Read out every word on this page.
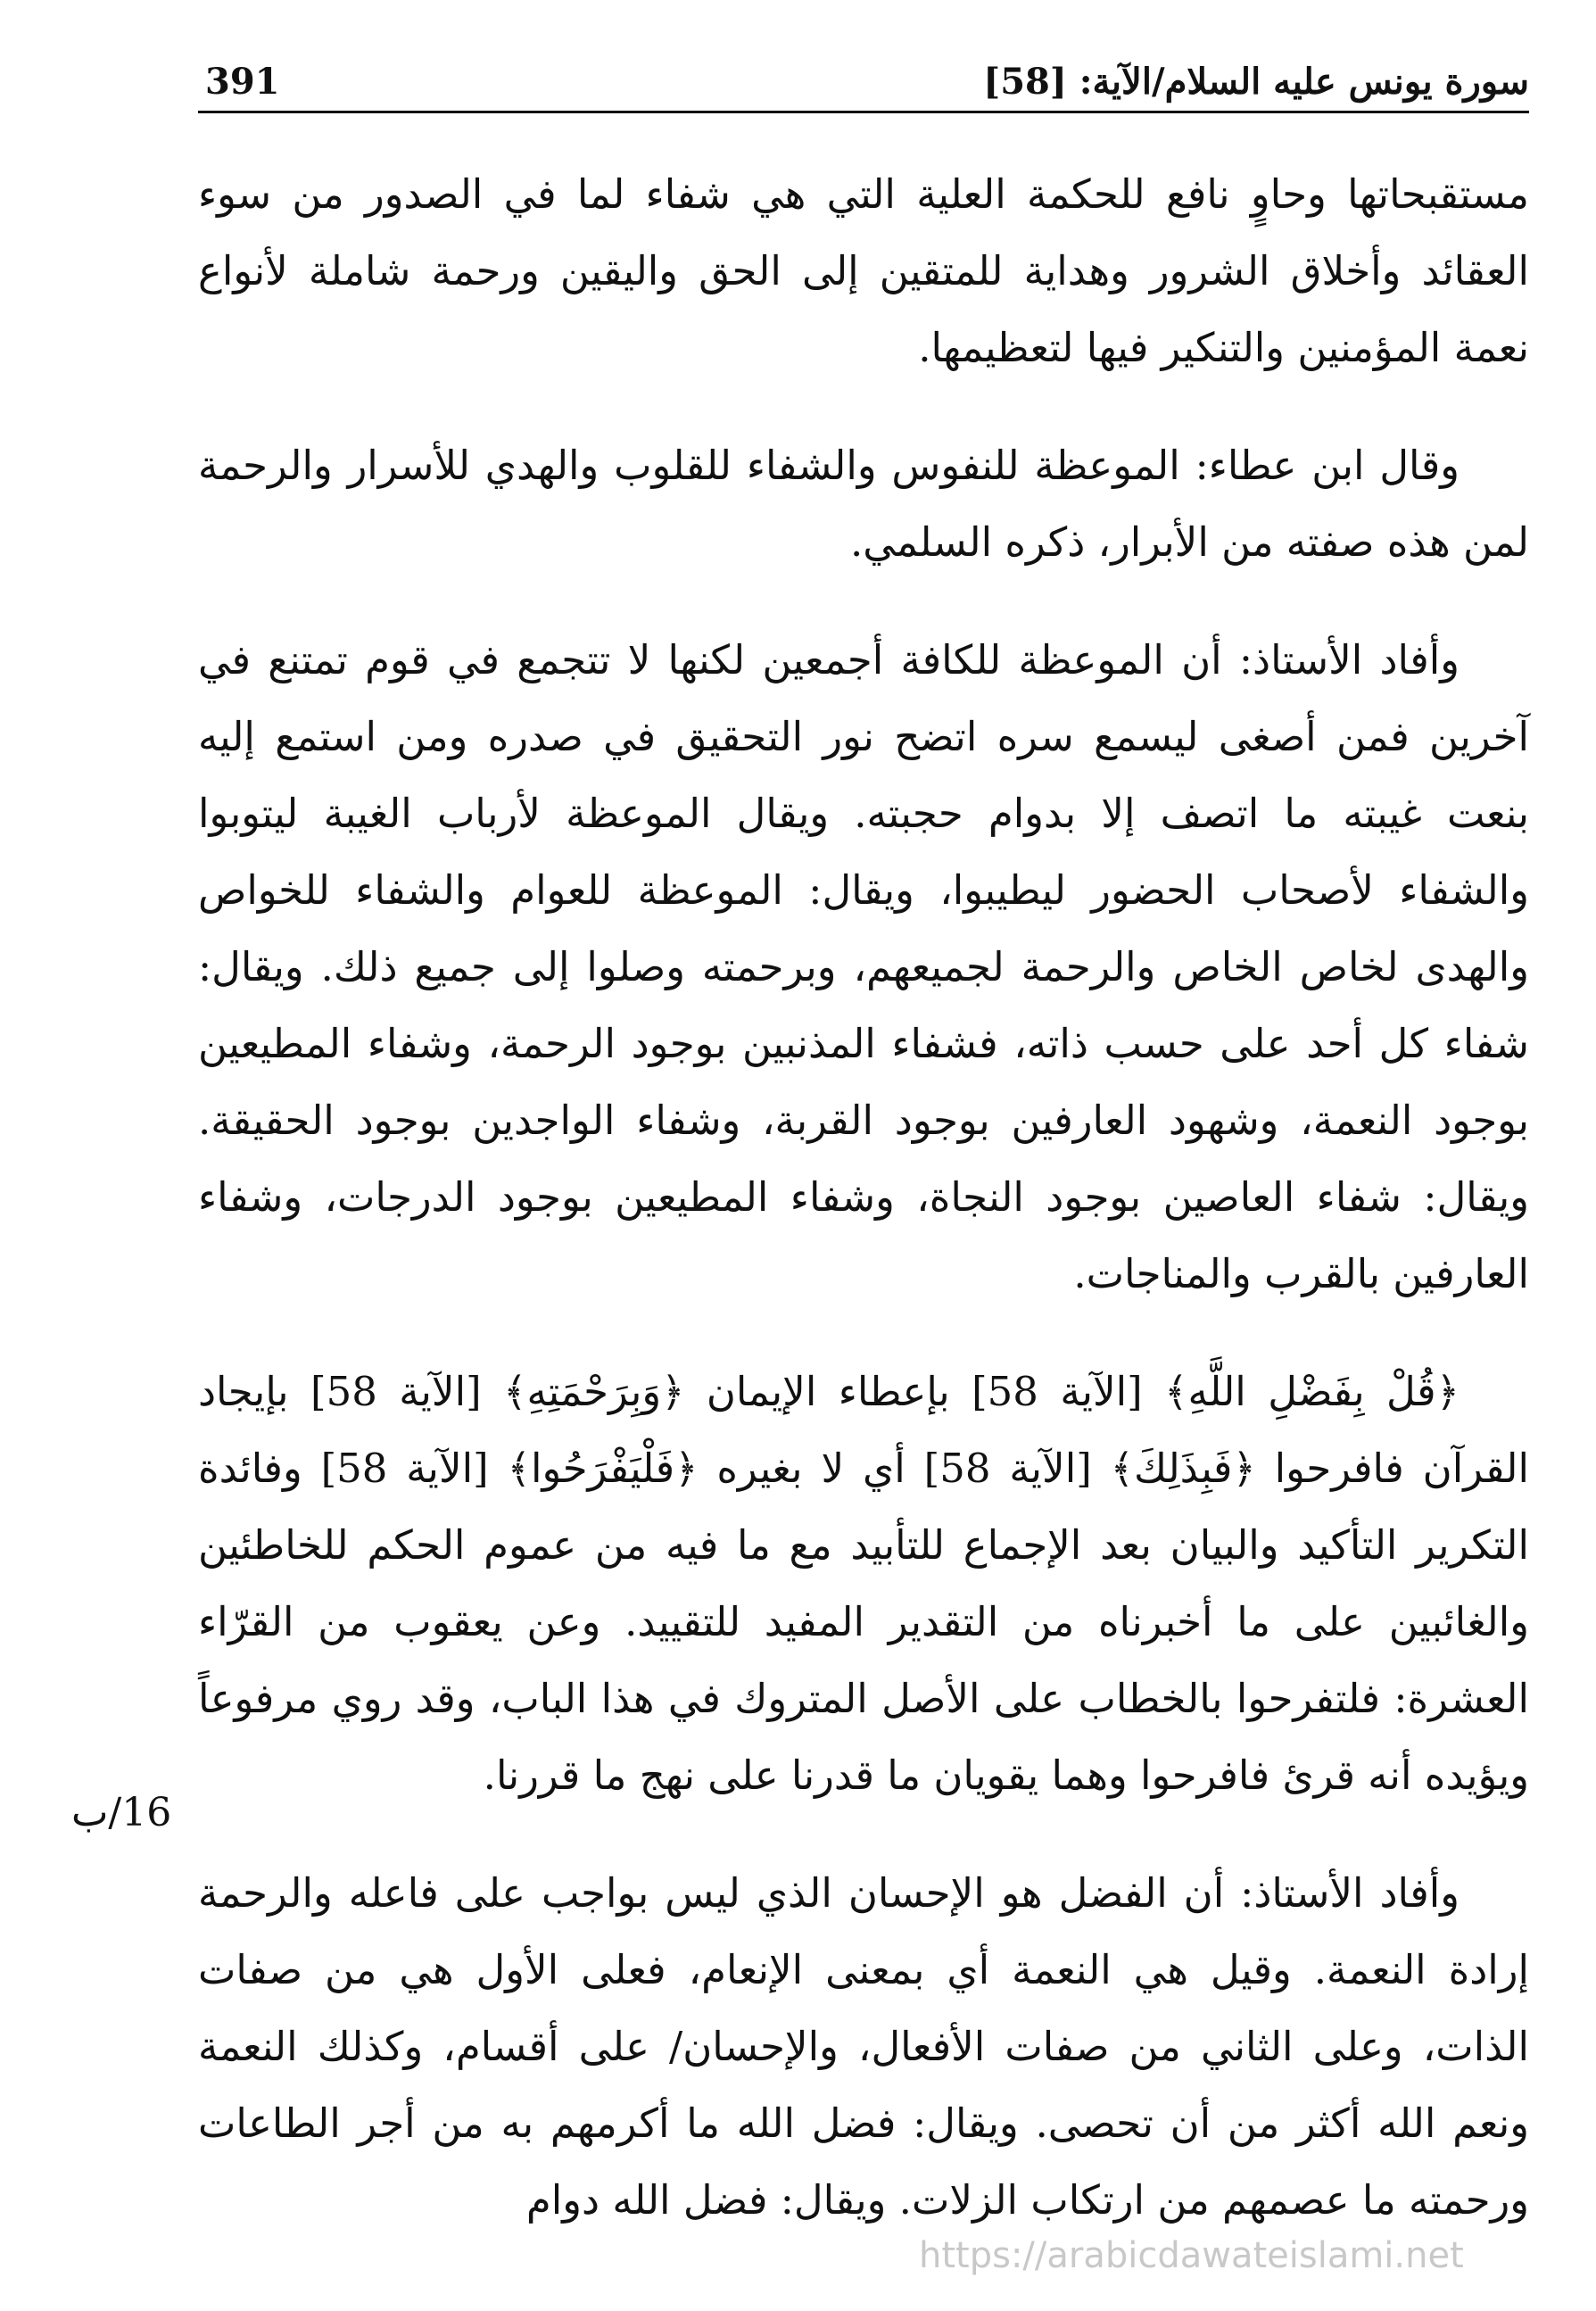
391	سورة يونس عليه السلام/الآية: [58]

مستقبحاتها وحاوٍ نافع للحكمة العلية التي هي شفاء لما في الصدور من سوء العقائد وأخلاق الشرور وهداية للمتقين إلى الحق واليقين ورحمة شاملة لأنواع نعمة المؤمنين والتنكير فيها لتعظيمها.

وقال ابن عطاء: الموعظة للنفوس والشفاء للقلوب والهدي للأسرار والرحمة لمن هذه صفته من الأبرار، ذكره السلمي.

وأفاد الأستاذ: أن الموعظة للكافة أجمعين لكنها لا تتجمع في قوم تمتنع في آخرين فمن أصغى ليسمع سره اتضح نور التحقيق في صدره ومن استمع إليه بنعت غيبته ما اتصف إلا بدوام حجبته. ويقال الموعظة لأرباب الغيبة ليتوبوا والشفاء لأصحاب الحضور ليطيبوا، ويقال: الموعظة للعوام والشفاء للخواص والهدى لخاص الخاص والرحمة لجميعهم، وبرحمته وصلوا إلى جميع ذلك. ويقال: شفاء كل أحد على حسب ذاته، فشفاء المذنبين بوجود الرحمة، وشفاء المطيعين بوجود النعمة، وشهود العارفين بوجود القربة، وشفاء الواجدين بوجود الحقيقة. ويقال: شفاء العاصين بوجود النجاة، وشفاء المطيعين بوجود الدرجات، وشفاء العارفين بالقرب والمناجات.

﴿قُلْ بِفَضْلِ اللَّهِ﴾ [الآية 58] بإعطاء الإيمان ﴿وَبِرَحْمَتِهِ﴾ [الآية 58] بإيجاد القرآن فافرحوا ﴿فَبِذَلِكَ﴾ [الآية 58] أي لا بغيره ﴿فَلْيَفْرَحُوا﴾ [الآية 58] وفائدة التكرير التأكيد والبيان بعد الإجماع للتأبيد مع ما فيه من عموم الحكم للخاطئين والغائبين على ما أخبرناه من التقدير المفيد للتقييد. وعن يعقوب من القرّاء العشرة: فلتفرحوا بالخطاب على الأصل المتروك في هذا الباب، وقد روي مرفوعاً ويؤيده أنه قرئ فافرحوا وهما يقويان ما قدرنا على نهج ما قررنا.

وأفاد الأستاذ: أن الفضل هو الإحسان الذي ليس بواجب على فاعله والرحمة إرادة النعمة. وقيل هي النعمة أي بمعنى الإنعام، فعلى الأول هي من صفات الذات، وعلى الثاني من صفات الأفعال، والإحسان/ على أقسام، وكذلك النعمة ونعم الله أكثر من أن تحصى. ويقال: فضل الله ما أكرمهم به من أجر الطاعات ورحمته ما عصمهم من ارتكاب الزلات. ويقال: فضل الله دوام

16/ب
https://arabicdawateislami.net
